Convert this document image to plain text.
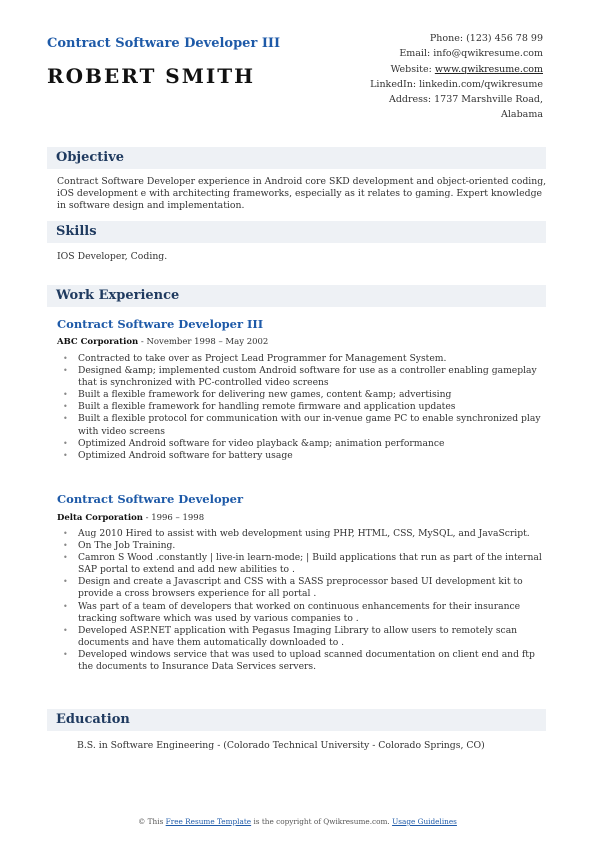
Contract Software Developer III
ROBERT SMITH
Phone: (123) 456 78 99
Email: info@qwikresume.com
Website: www.qwikresume.com
LinkedIn: linkedin.com/qwikresume
Address: 1737 Marshville Road,
Alabama
Objective
Contract Software Developer experience in Android core SKD development and object-oriented coding, iOS development e with architecting frameworks, especially as it relates to gaming. Expert knowledge in software design and implementation.
Skills
IOS Developer, Coding.
Work Experience
Contract Software Developer III
ABC Corporation - November 1998 – May 2002
• Contracted to take over as Project Lead Programmer for Management System.
• Designed &amp; implemented custom Android software for use as a controller enabling gameplay that is synchronized with PC-controlled video screens
• Built a flexible framework for delivering new games, content &amp; advertising
• Built a flexible framework for handling remote firmware and application updates
• Built a flexible protocol for communication with our in-venue game PC to enable synchronized play with video screens
• Optimized Android software for video playback &amp; animation performance
• Optimized Android software for battery usage
Contract Software Developer
Delta Corporation - 1996 – 1998
• Aug 2010 Hired to assist with web development using PHP, HTML, CSS, MySQL, and JavaScript.
• On The Job Training.
• Camron S Wood .constantly | live-in learn-mode; | Build applications that run as part of the internal SAP portal to extend and add new abilities to .
• Design and create a Javascript and CSS with a SASS preprocessor based UI development kit to provide a cross browsers experience for all portal .
• Was part of a team of developers that worked on continuous enhancements for their insurance tracking software which was used by various companies to .
• Developed ASP.NET application with Pegasus Imaging Library to allow users to remotely scan documents and have them automatically downloaded to .
• Developed windows service that was used to upload scanned documentation on client end and ftp the documents to Insurance Data Services servers.
Education
B.S. in Software Engineering - (Colorado Technical University - Colorado Springs, CO)
© This Free Resume Template is the copyright of Qwikresume.com. Usage Guidelines
